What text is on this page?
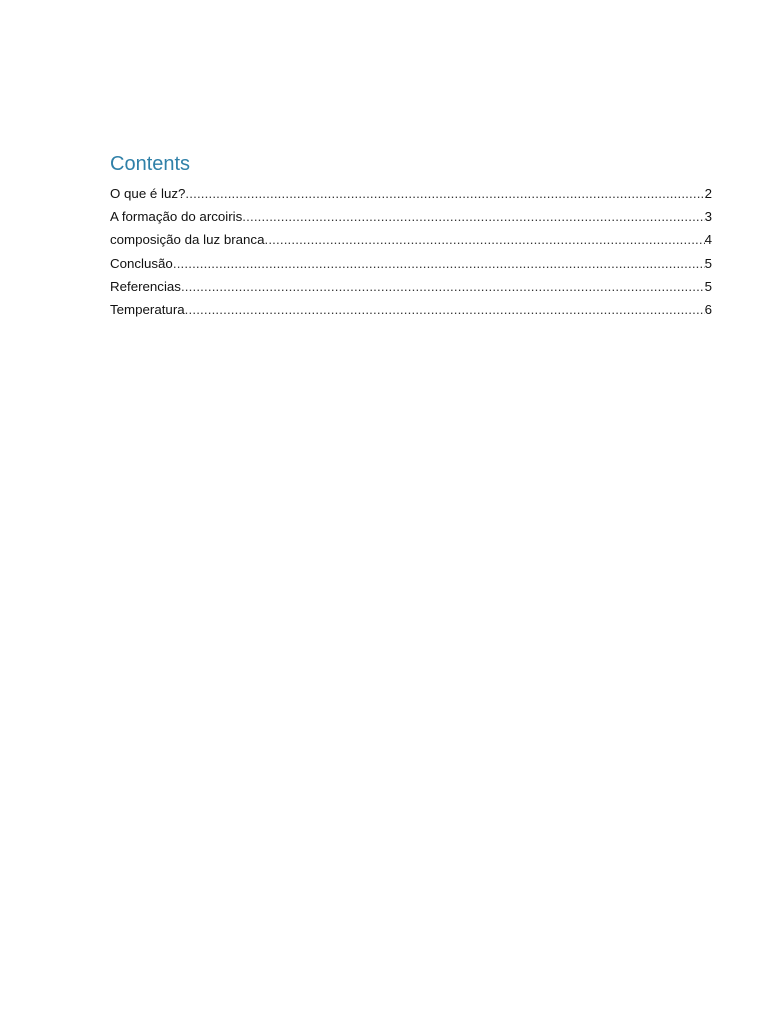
Contents
O que é luz? .....	2
A formação do arcoiris .....	3
composição da luz branca .....	4
Conclusão .....	5
Referencias .....	5
Temperatura .....	6
